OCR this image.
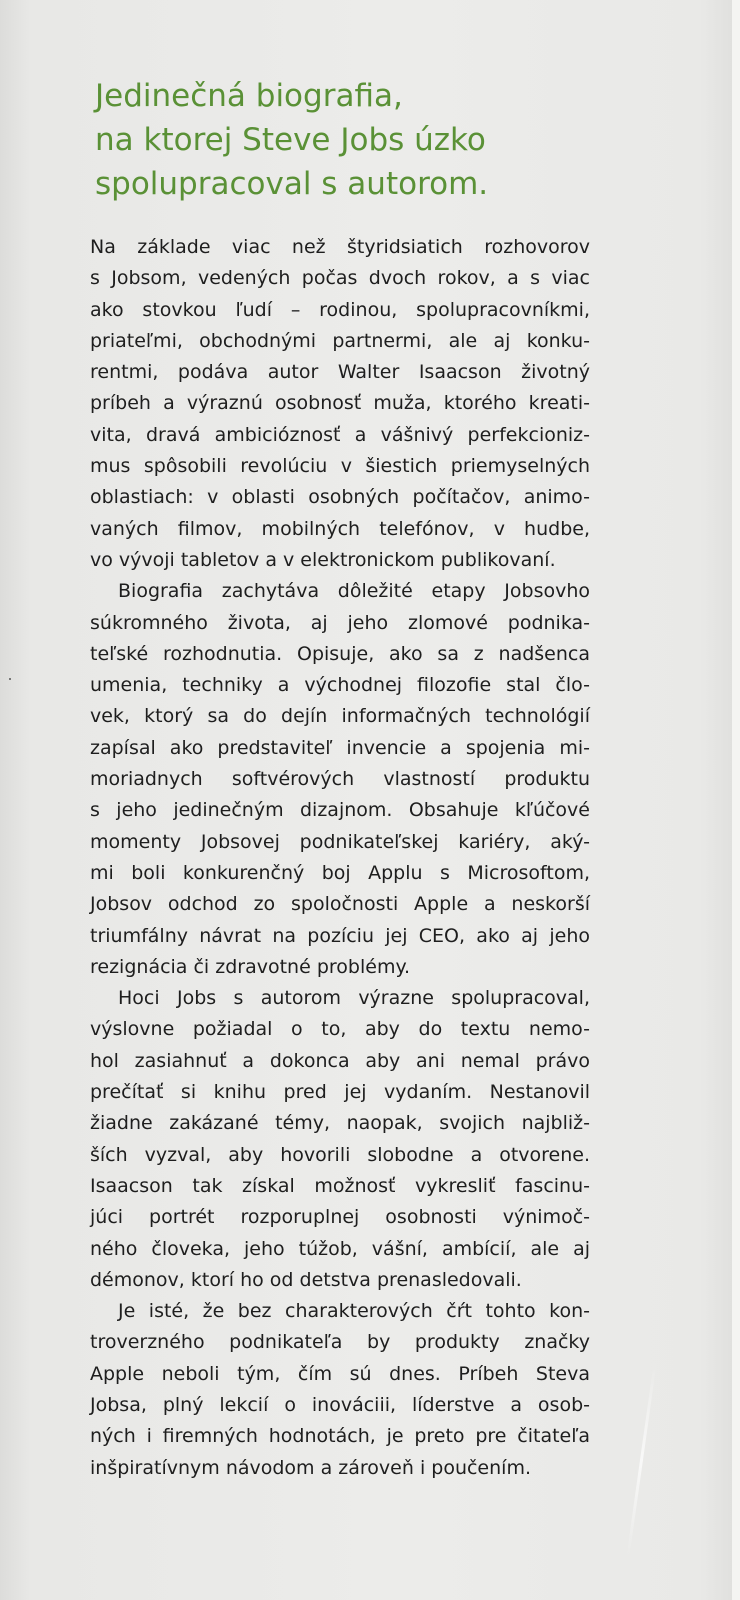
Jedinečná biografia,
na ktorej Steve Jobs úzko
spolupracoval s autorom.
Na základe viac než štyridsiatich rozhovorov
s Jobsom, vedených počas dvoch rokov, a s viac
ako stovkou ľudí – rodinou, spolupracovníkmi,
priateľmi, obchodnými partnermi, ale aj konku-
rentmi, podáva autor Walter Isaacson životný
príbeh a výraznú osobnosť muža, ktorého kreati-
vita, dravá ambicióznosť a vášnivý perfekcioniz-
mus spôsobili revolúciu v šiestich priemyselných
oblastiach: v oblasti osobných počítačov, animo-
vaných filmov, mobilných telefónov, v hudbe,
vo vývoji tabletov a v elektronickom publikovaní.
Biografia zachytáva dôležité etapy Jobsovho
súkromného života, aj jeho zlomové podnika-
teľské rozhodnutia. Opisuje, ako sa z nadšenca
umenia, techniky a východnej filozofie stal člo-
vek, ktorý sa do dejín informačných technológií
zapísal ako predstaviteľ invencie a spojenia mi-
moriadnych softvérových vlastností produktu
s jeho jedinečným dizajnom. Obsahuje kľúčové
momenty Jobsovej podnikateľskej kariéry, aký-
mi boli konkurenčný boj Applu s Microsoftom,
Jobsov odchod zo spoločnosti Apple a neskorší
triumfálny návrat na pozíciu jej CEO, ako aj jeho
rezignácia či zdravotné problémy.
Hoci Jobs s autorom výrazne spolupracoval,
výslovne požiadal o to, aby do textu nemo-
hol zasiahnuť a dokonca aby ani nemal právo
prečítať si knihu pred jej vydaním. Nestanovil
žiadne zakázané témy, naopak, svojich najbliž-
ších vyzval, aby hovorili slobodne a otvorene.
Isaacson tak získal možnosť vykresliť fascinu-
júci portrét rozporuplnej osobnosti výnimoč-
ného človeka, jeho túžob, vášní, ambícií, ale aj
démonov, ktorí ho od detstva prenasledovali.
Je isté, že bez charakterových čŕt tohto kon-
troverzného podnikateľa by produkty značky
Apple neboli tým, čím sú dnes. Príbeh Steva
Jobsa, plný lekcií o inováciii, líderstve a osob-
ných i firemných hodnotách, je preto pre čitateľa
inšpiratívnym návodom a zároveň i poučením.
